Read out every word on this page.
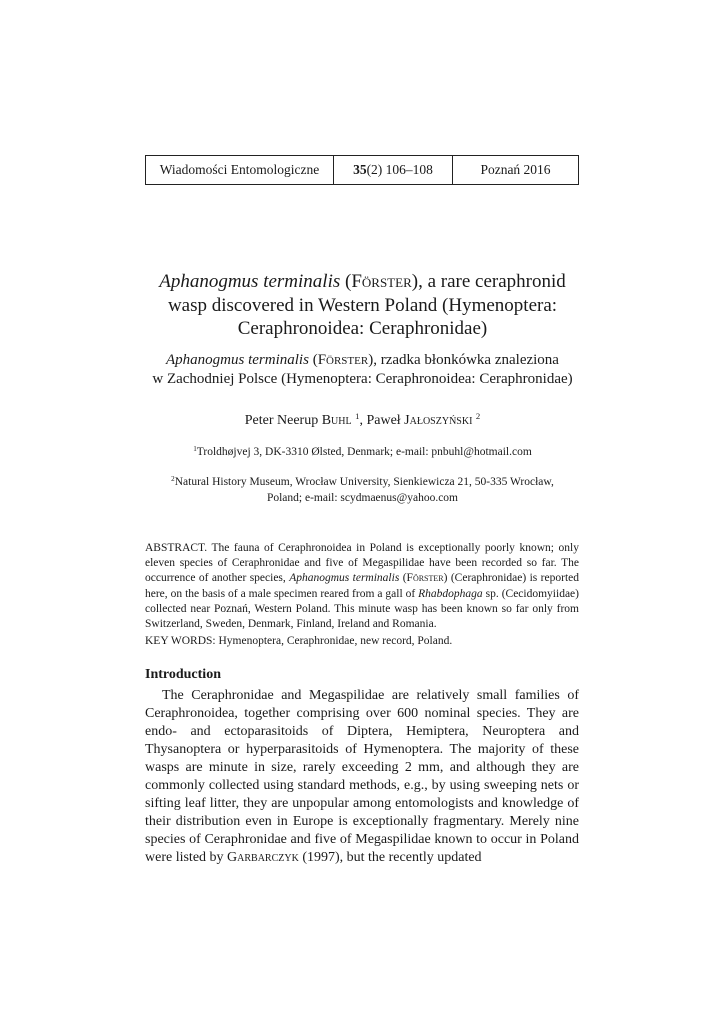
Wiadomości Entomologiczne	35 (2) 106–108	Poznań 2016
Aphanogmus terminalis (Förster), a rare ceraphronid
wasp discovered in Western Poland (Hymenoptera:
Ceraphronoidea: Ceraphronidae)
Aphanogmus terminalis (Förster), rzadka błonkówka znaleziona
w Zachodniej Polsce (Hymenoptera: Ceraphronoidea: Ceraphronidae)
Peter Neerup Buhl $^1$, Paweł Jałoszyński $^2$
$^1$Troldhøjvej 3, DK-3310 Ølsted, Denmark; e-mail: pnbuhl@hotmail.com
$^2$Natural History Museum, Wrocław University, Sienkiewicza 21, 50-335 Wrocław,
Poland; e-mail: scydmaenus@yahoo.com

ABSTRACT. The fauna of Ceraphronoidea in Poland is exceptionally poorly known; only eleven species of Ceraphronidae and five of Megaspilidae have been recorded so far. The occurrence of another species, Aphanogmus terminalis (Förster) (Ceraphronidae) is reported here, on the basis of a male specimen reared from a gall of Rhabdophaga sp. (Cecidomyiidae) collected near Poznań, Western Poland. This minute wasp has been known so far only from Switzerland, Sweden, Denmark, Finland, Ireland and Romania.

KEY WORDS: Hymenoptera, Ceraphronidae, new record, Poland.

Introduction

The Ceraphronidae and Megaspilidae are relatively small families of Ceraphronoidea, together comprising over 600 nominal species. They are endo- and ectoparasitoids of Diptera, Hemiptera, Neuroptera and Thysanoptera or hyperparasitoids of Hymenoptera. The majority of these wasps are minute in size, rarely exceeding 2 mm, and although they are commonly collected using standard methods, e.g., by using sweeping nets or sifting leaf litter, they are unpopular among entomologists and knowledge of their distribution even in Europe is exceptionally fragmentary. Merely nine species of Ceraphronidae and five of Megaspilidae known to occur in Poland were listed by Garbarczyk (1997), but the recently updated
